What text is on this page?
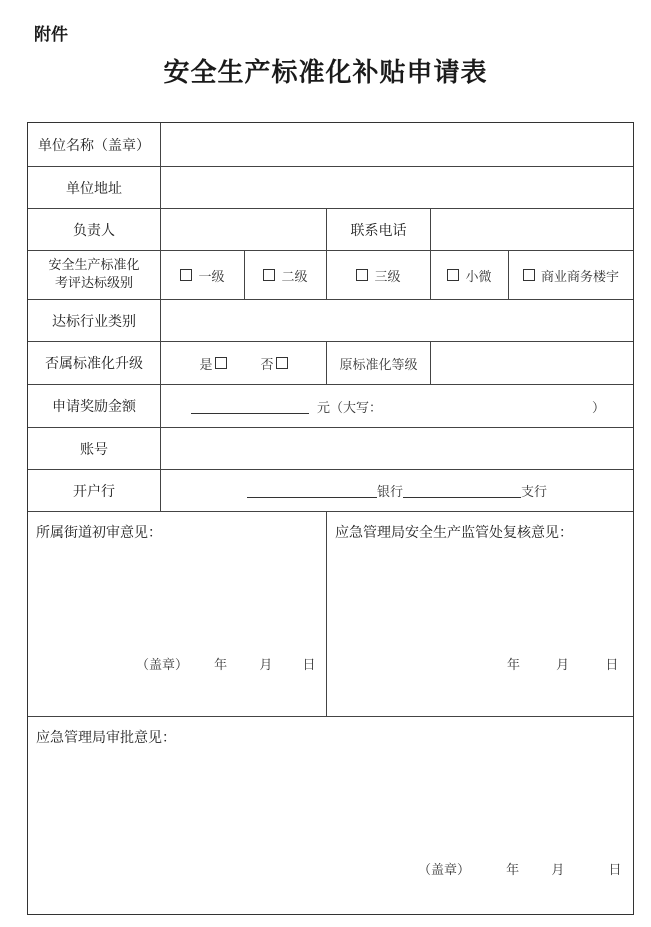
附件
安全生产标准化补贴申请表
单位名称（盖章）
单位地址
负责人	联系电话
安全生产标准化
考评达标级别	一级	二级	三级	小微	商业商务楼宇
达标行业类别
否属标准化升级	是	否	原标准化等级
申请奖励金额	元（大写：	）
账号
开户行	银行	支行
所属街道初审意见：
（盖章） 年 月 日
应急管理局安全生产监管处复核意见：
年	月	日
应急管理局审批意见：
（盖章）	年 月	日
